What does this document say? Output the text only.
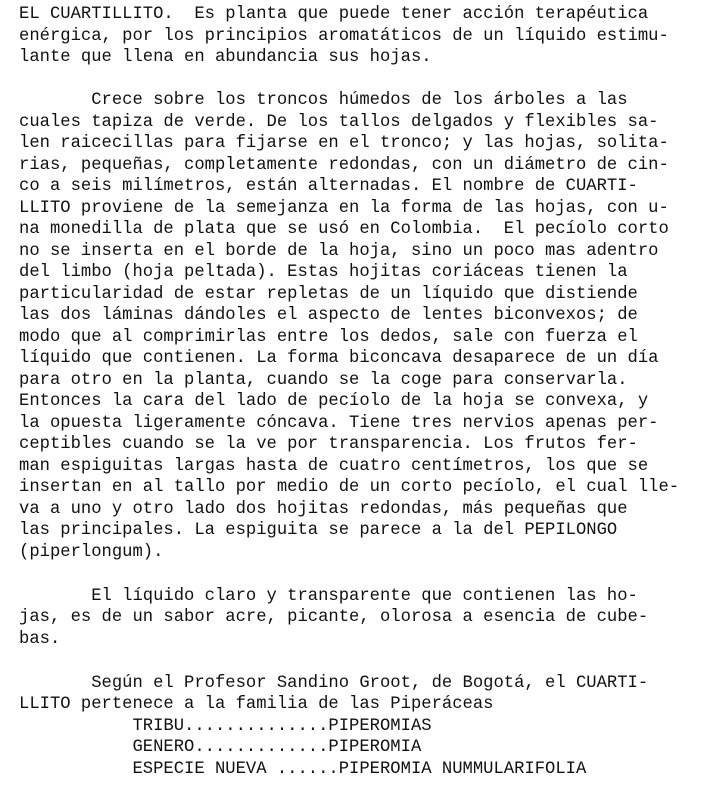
EL CUARTILLITO.  Es planta que puede tener acción terapéutica

enérgica, por los principios aromatáticos de un líquido estimu-

lante que llena en abundancia sus hojas.

Crece sobre los troncos húmedos de los árboles a las

cuales tapiza de verde. De los tallos delgados y flexibles sa-

len raicecillas para fijarse en el tronco; y las hojas, solita-

rias, pequeñas, completamente redondas, con un diámetro de cin-

co a seis milímetros, están alternadas. El nombre de CUARTI-

LLITO proviene de la semejanza en la forma de las hojas, con u-

na monedilla de plata que se usó en Colombia.  El pecíolo corto

no se inserta en el borde de la hoja, sino un poco mas adentro

del limbo (hoja peltada). Estas hojitas coriáceas tienen la

particularidad de estar repletas de un líquido que distiende

las dos láminas dándoles el aspecto de lentes biconvexos; de

modo que al comprimirlas entre los dedos, sale con fuerza el

líquido que contienen. La forma biconcava desaparece de un día

para otro en la planta, cuando se la coge para conservarla.

Entonces la cara del lado de pecíolo de la hoja se convexa, y

la opuesta ligeramente cóncava. Tiene tres nervios apenas per-

ceptibles cuando se la ve por transparencia. Los frutos fer-

man espiguitas largas hasta de cuatro centímetros, los que se

insertan en al tallo por medio de un corto pecíolo, el cual lle-

va a uno y otro lado dos hojitas redondas, más pequeñas que

las principales. La espiguita se parece a la del PEPILONGO

(piperlongum).

El líquido claro y transparente que contienen las ho-

jas, es de un sabor acre, picante, olorosa a esencia de cube-

bas.

Según el Profesor Sandino Groot, de Bogotá, el CUARTI-

LLITO pertenece a la familia de las Piperáceas

TRIBU..............PIPEROMIAS

GENERO.............PIPEROMIA

ESPECIE NUEVA ......PIPEROMIA NUMMULARIFOLIA
